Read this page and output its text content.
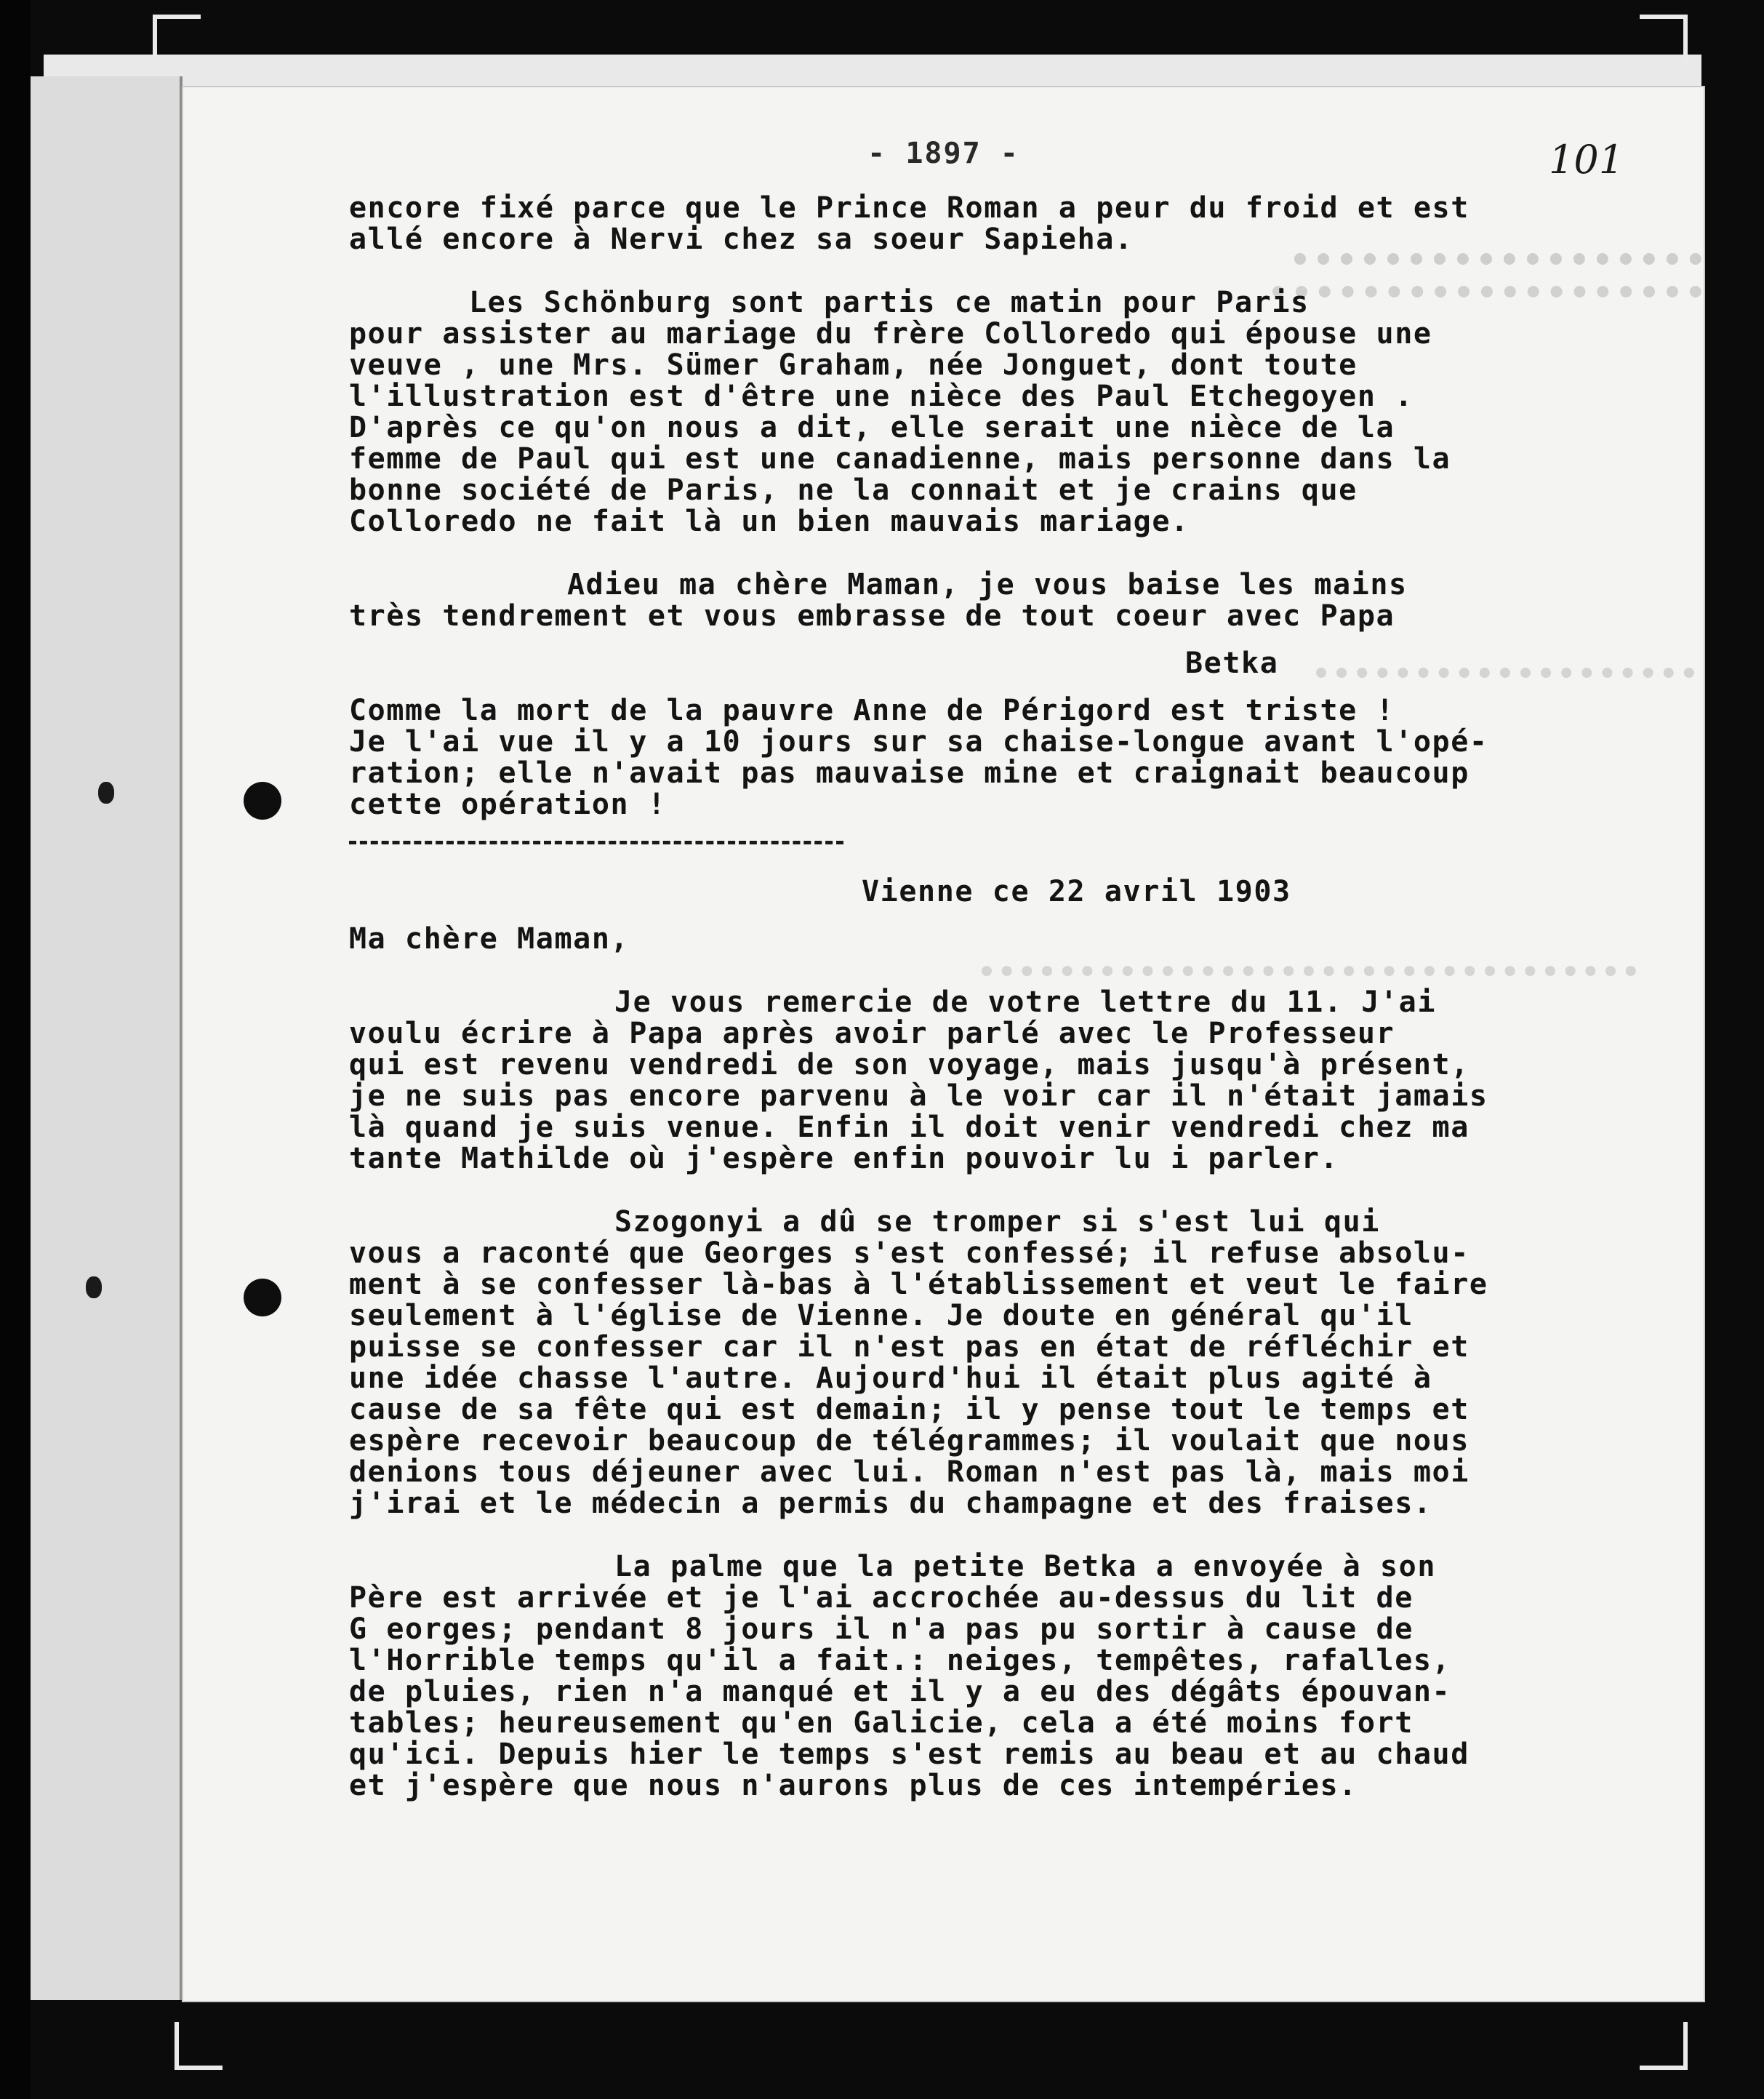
- 1897 -	101

encore fixé parce que le Prince Roman a peur du froid et est

allé encore à Nervi chez sa soeur Sapieha.

Les Schönburg sont partis ce matin pour Paris

pour assister au mariage du frère Colloredo qui épouse une

veuve , une Mrs. Sümer Graham, née Jonguet, dont toute

l'illustration est d'être une nièce des Paul Etchegoyen .

D'après ce qu'on nous a dit, elle serait une nièce de la

femme de Paul qui est une canadienne, mais personne dans la

bonne société de Paris, ne la connait et je crains que

Colloredo ne fait là un bien mauvais mariage.

Adieu ma chère Maman, je vous baise les mains

très tendrement et vous embrasse de tout coeur avec Papa

Betka

Comme la mort de la pauvre Anne de Périgord est triste !

Je l'ai vue il y a 10 jours sur sa chaise-longue avant l'opé-

ration; elle n'avait pas mauvaise mine et craignait beaucoup

cette opération !

Vienne ce 22 avril 1903

Ma chère Maman,

Je vous remercie de votre lettre du 11. J'ai

voulu écrire à Papa après avoir parlé avec le Professeur

qui est revenu vendredi de son voyage, mais jusqu'à présent,

je ne suis pas encore parvenu à le voir car il n'était jamais

là quand je suis venue. Enfin il doit venir vendredi chez ma

tante Mathilde où j'espère enfin pouvoir lu i parler.

Szogonyi a dû se tromper si s'est lui qui

vous a raconté que Georges s'est confessé; il refuse absolu-

ment à se confesser là-bas à l'établissement et veut le faire

seulement à l'église de Vienne. Je doute en général qu'il

puisse se confesser car il n'est pas en état de réfléchir et

une idée chasse l'autre. Aujourd'hui il était plus agité à

cause de sa fête qui est demain; il y pense tout le temps et

espère recevoir beaucoup de télégrammes; il voulait que nous

denions tous déjeuner avec lui. Roman n'est pas là, mais moi

j'irai et le médecin a permis du champagne et des fraises.

La palme que la petite Betka a envoyée à son

Père est arrivée et je l'ai accrochée au-dessus du lit de

G eorges; pendant 8 jours il n'a pas pu sortir à cause de

l'Horrible temps qu'il a fait.: neiges, tempêtes, rafalles,

de pluies, rien n'a manqué et il y a eu des dégâts épouvan-

tables; heureusement qu'en Galicie, cela a été moins fort

qu'ici. Depuis hier le temps s'est remis au beau et au chaud

et j'espère que nous n'aurons plus de ces intempéries.
